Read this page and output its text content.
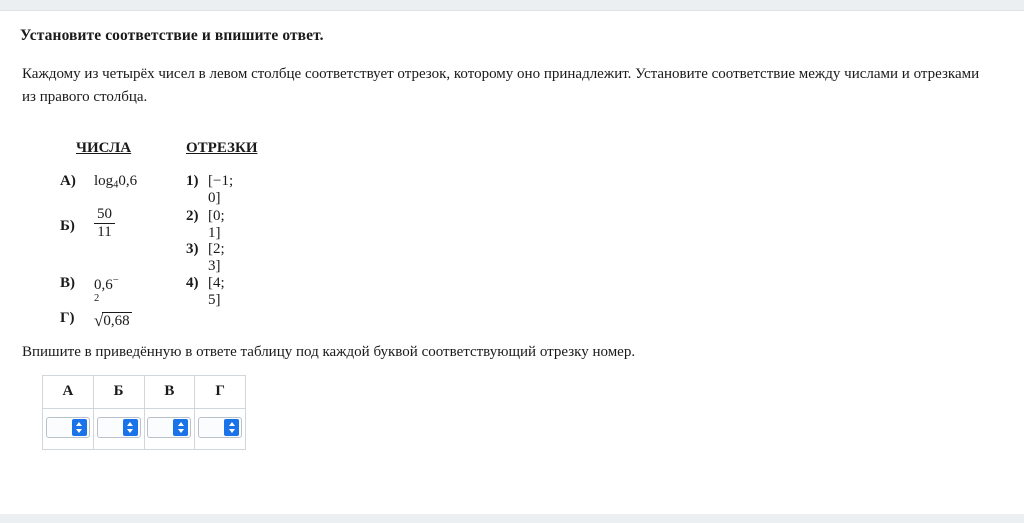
Установите соответствие и впишите ответ.
Каждому из четырёх чисел в левом столбце соответствует отрезок, которому оно принадлежит. Установите соответствие между числами и отрезками
из правого столбца.
ЧИСЛА	ОТРЕЗКИ
А) $\log_40,6$
$Б) \frac{50}{11}$
В) $0,6^{- 2}$
Г) √0,68
1) [−1; 0]
2) [0; 1]
3) [2; 3]
4) [4; 5]
Впишите в приведённую в ответе таблицу под каждой буквой соответствующий отрезку номер.
А	Б	В	Г
